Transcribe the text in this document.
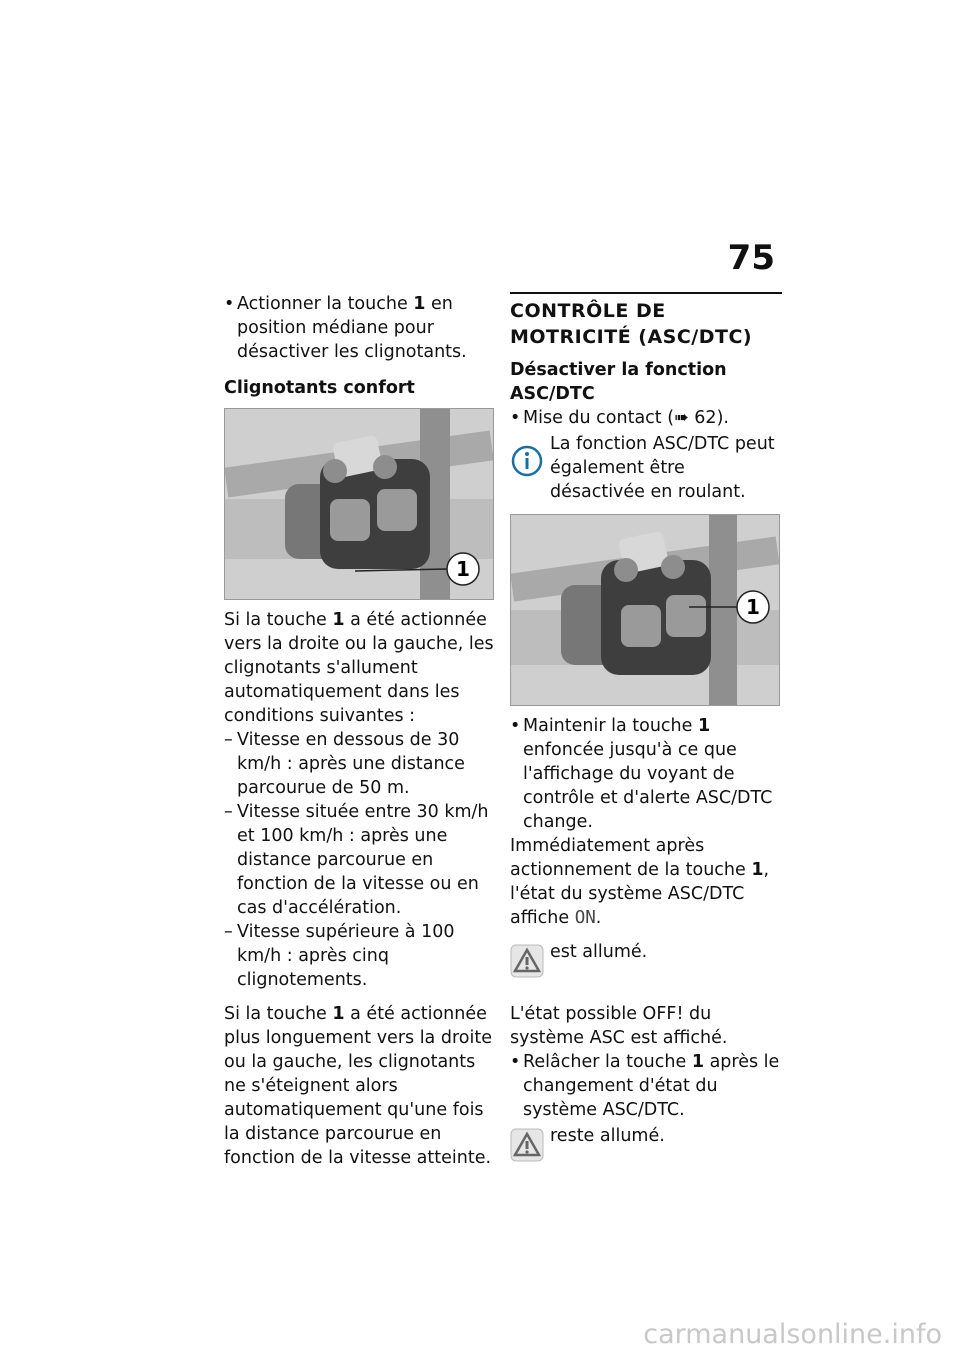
75

• Actionner la touche 1 en position médiane pour désactiver les clignotants.

Clignotants confort
1

Si la touche 1 a été actionnée vers la droite ou la gauche, les clignotants s'allument automatiquement dans les conditions suivantes :

– Vitesse en dessous de 30 km/h : après une distance parcourue de 50 m.

– Vitesse située entre 30 km/h et 100 km/h : après une distance parcourue en fonction de la vitesse ou en cas d'accélération.

– Vitesse supérieure à 100 km/h : après cinq clignotements.

Si la touche 1 a été actionnée plus longuement vers la droite ou la gauche, les clignotants ne s'éteignent alors automatiquement qu'une fois la distance parcourue en fonction de la vitesse atteinte.

CONTRÔLE DE MOTRICITÉ (ASC/DTC)
Désactiver la fonction ASC/DTC

• Mise du contact (➠ 62).

La fonction ASC/DTC peut également être désactivée en roulant.
1

• Maintenir la touche 1 enfoncée jusqu'à ce que l'affichage du voyant de contrôle et d'alerte ASC/DTC change.

Immédiatement après actionnement de la touche 1, l'état du système ASC/DTC affiche ON.

est allumé.

L'état possible OFF! du système ASC est affiché.

• Relâcher la touche 1 après le changement d'état du système ASC/DTC.

reste allumé.
carmanualsonline.info
